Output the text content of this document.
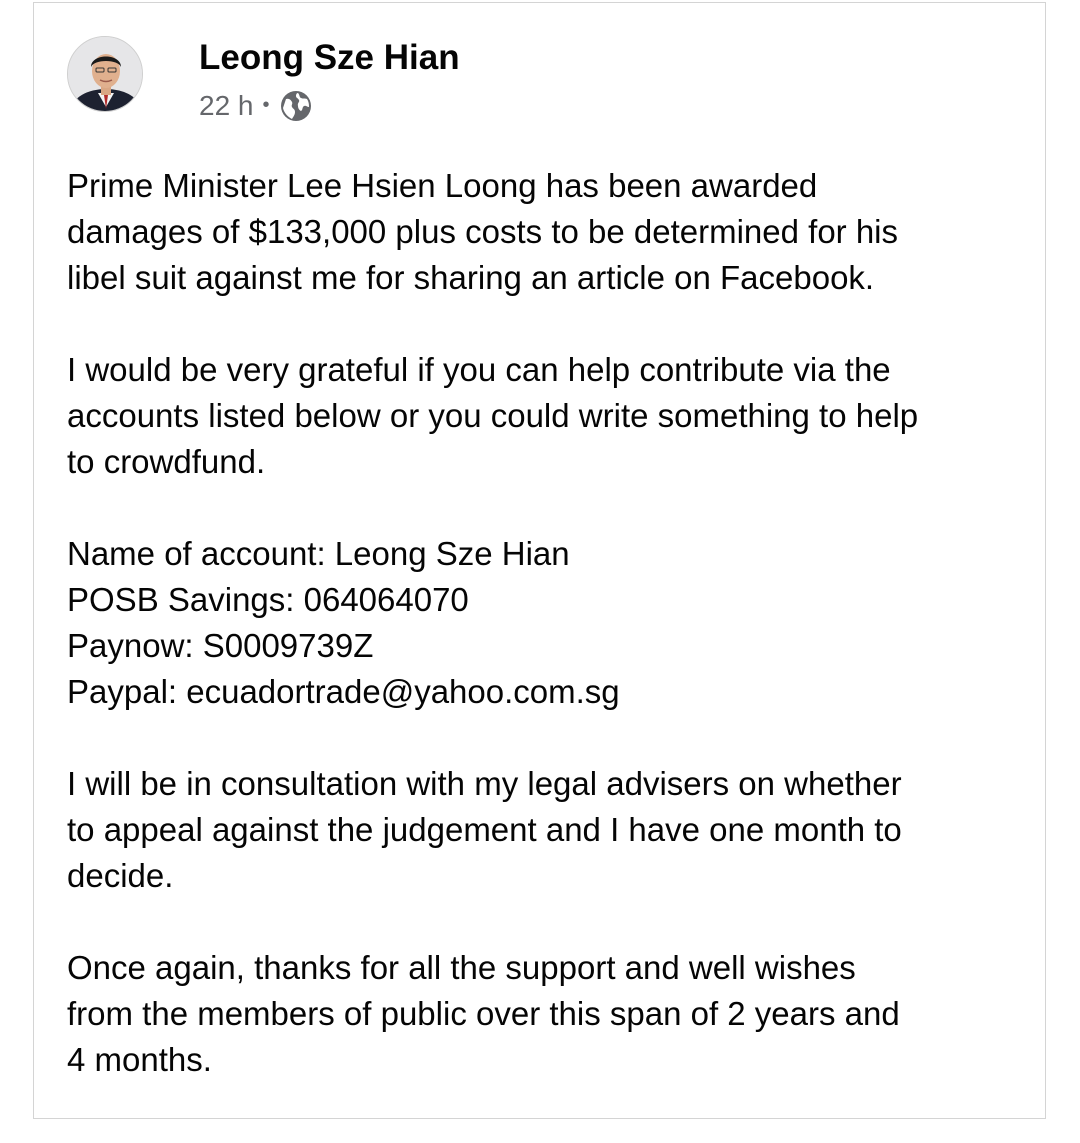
Leong Sze Hian
22 h •
Prime Minister Lee Hsien Loong has been awarded
damages of $133,000 plus costs to be determined for his
libel suit against me for sharing an article on Facebook.
I would be very grateful if you can help contribute via the
accounts listed below or you could write something to help
to crowdfund.
Name of account: Leong Sze Hian
POSB Savings: 064064070
Paynow: S0009739Z
Paypal: ecuadortrade@yahoo.com.sg
I will be in consultation with my legal advisers on whether
to appeal against the judgement and I have one month to
decide.
Once again, thanks for all the support and well wishes
from the members of public over this span of 2 years and
4 months.
